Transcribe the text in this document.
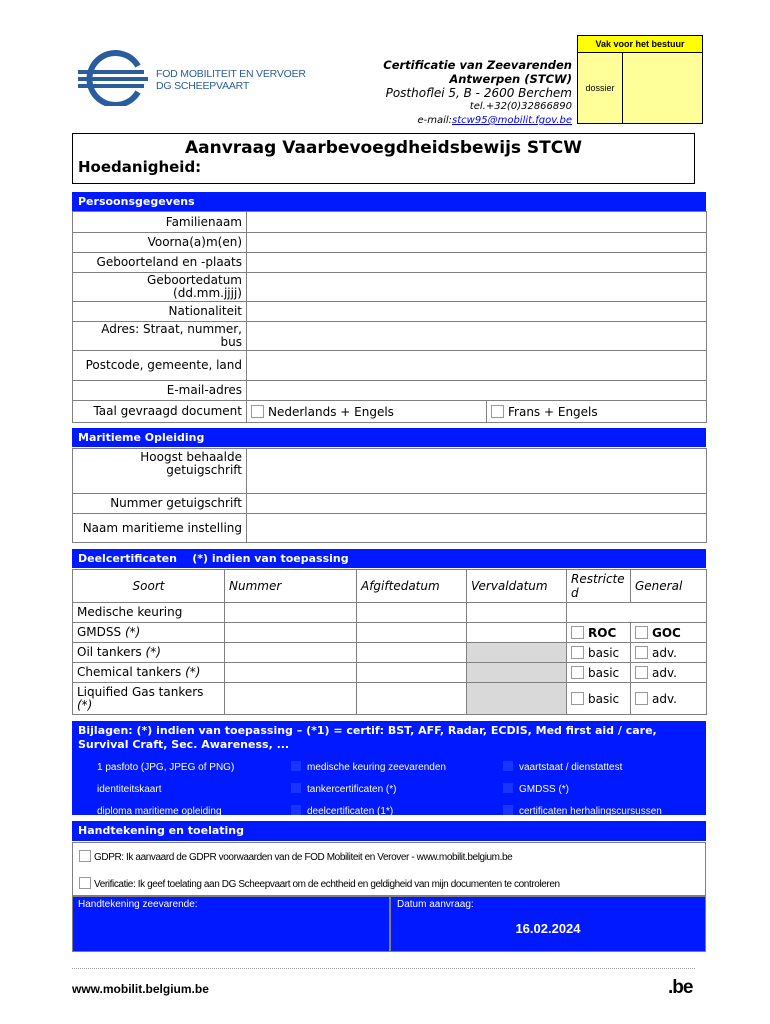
FOD MOBILITEIT EN VERVOER
DG SCHEEPVAART
Certificatie van Zeevarenden
Antwerpen (STCW)
Posthoflei 5, B - 2600 Berchem
tel.+32(0)32866890
e-mail:stcw95@mobilit.fgov.be
Vak voor het bestuur
dossier
Aanvraag Vaarbevoegdheidsbewijs STCW
Hoedanigheid:
Persoonsgegevens
Familienaam		
Voorna(a)m(en)		
Geboorteland en -plaats		
Geboortedatum (dd.mm.jjjj)		
Nationaliteit		
Adres: Straat, nummer, bus		
Postcode, gemeente, land		
E-mail-adres		
Taal gevraagd document	Nederlands + Engels	Frans + Engels
Maritieme Opleiding
Hoogst behaalde getuigschrift	
Nummer getuigschrift	
Naam maritieme instelling	
Deelcertificaten    (*) indien van toepassing
Soort	Nummer	Afgiftedatum	Vervaldatum	Restricted	General
Medische keuring					
GMDSS (*)				ROC	GOC
Oil tankers (*)				basic	adv.
Chemical tankers (*)				basic	adv.
Liquified Gas tankers (*)				basic	adv.
Bijlagen: (*) indien van toepassing – (*1) = certif: BST, AFF, Radar, ECDIS, Med first aid / care, Survival Craft, Sec. Awareness, ...
1 pasfoto (JPG, JPEG of PNG)	medische keuring zeevarenden	vaartstaat / dienstattest
identiteitskaart	tankercertificaten (*)	GMDSS (*)
diploma maritieme opleiding	deelcertificaten (1*)	certificaten herhalingscursussen
Handtekening en toelating
GDPR: Ik aanvaard de GDPR voorwaarden van de FOD Mobiliteit en Verover - www.mobilit.belgium.be
Verificatie: Ik geef toelating aan DG Scheepvaart om de echtheid en geldigheid van mijn documenten te controleren
Handtekening zeevarende:	Datum aanvraag:
16.02.2024
www.mobilit.belgium.be	.be
